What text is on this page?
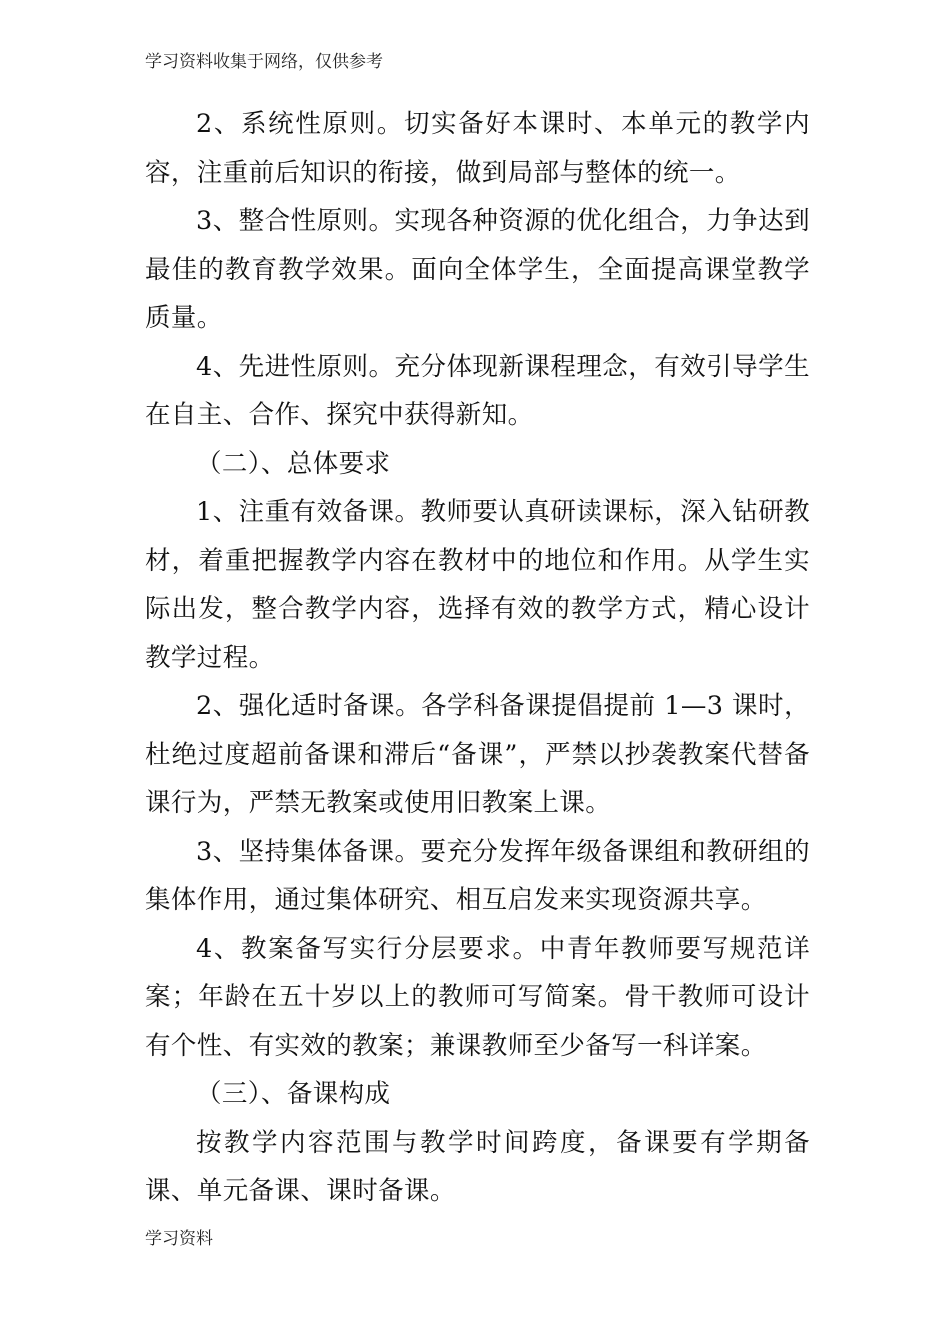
学习资料收集于网络，仅供参考

2、系统性原则。切实备好本课时、本单元的教学内容，注重前后知识的衔接，做到局部与整体的统一。

3、整合性原则。实现各种资源的优化组合，力争达到最佳的教育教学效果。面向全体学生，全面提高课堂教学质量。

4、先进性原则。充分体现新课程理念，有效引导学生在自主、合作、探究中获得新知。

（二）、总体要求

1、注重有效备课。教师要认真研读课标，深入钻研教材，着重把握教学内容在教材中的地位和作用。从学生实际出发，整合教学内容，选择有效的教学方式，精心设计教学过程。

2、强化适时备课。各学科备课提倡提前 1—3 课时，杜绝过度超前备课和滞后“备课”，严禁以抄袭教案代替备课行为，严禁无教案或使用旧教案上课。

3、坚持集体备课。要充分发挥年级备课组和教研组的集体作用，通过集体研究、相互启发来实现资源共享。

4、教案备写实行分层要求。中青年教师要写规范详案；年龄在五十岁以上的教师可写简案。骨干教师可设计有个性、有实效的教案；兼课教师至少备写一科详案。

（三）、备课构成

按教学内容范围与教学时间跨度，备课要有学期备课、单元备课、课时备课。

学习资料
